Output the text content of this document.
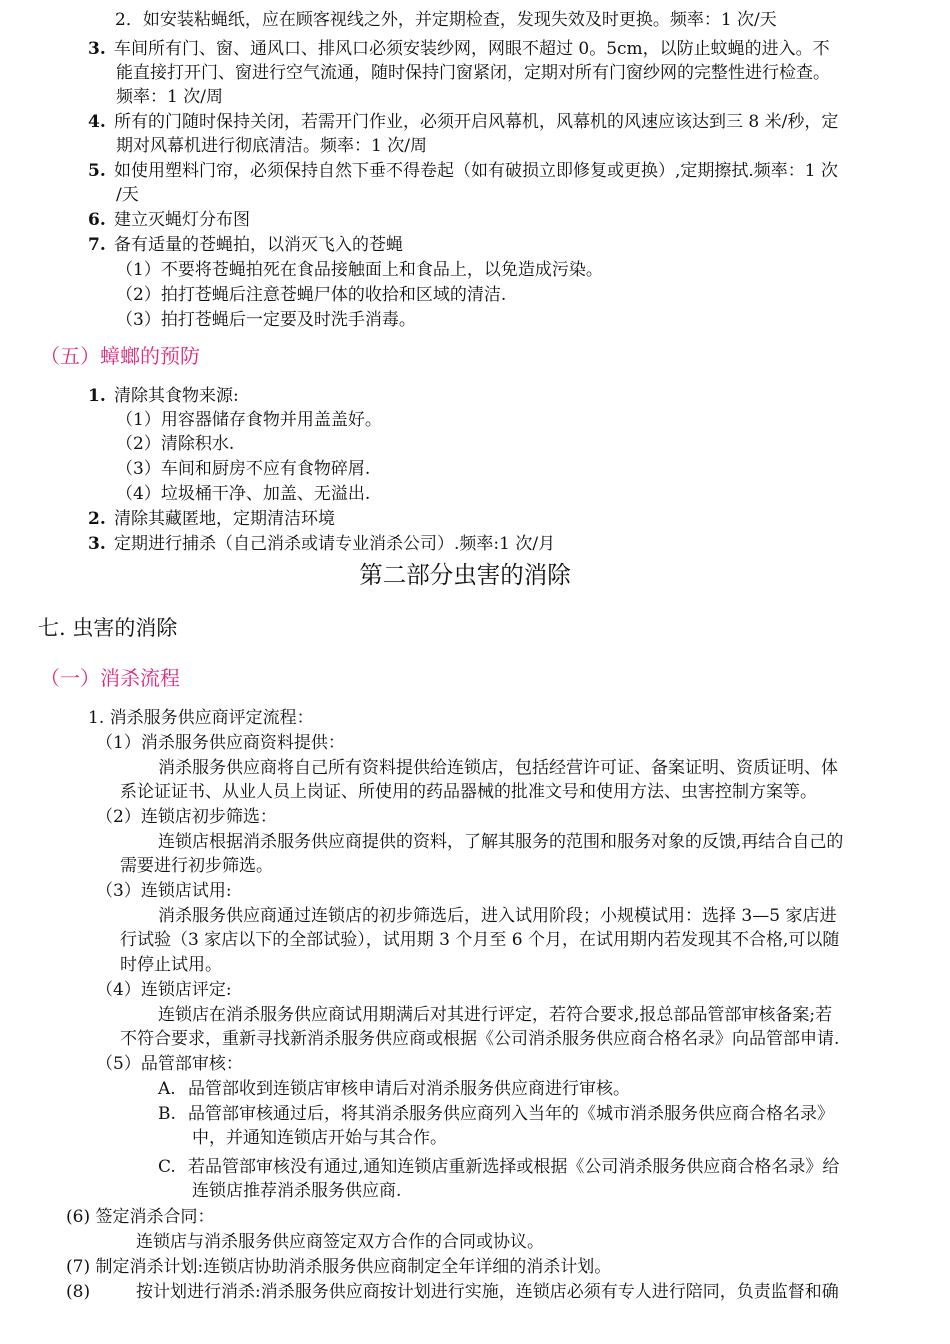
2．如安装粘蝇纸，应在顾客视线之外，并定期检查，发现失效及时更换。频率：1 次/天
3. 车间所有门、窗、通风口、排风口必须安装纱网，网眼不超过 0。5cm，以防止蚊蝇的进入。不
能直接打开门、窗进行空气流通，随时保持门窗紧闭，定期对所有门窗纱网的完整性进行检查。
频率：1 次/周
4. 所有的门随时保持关闭，若需开门作业，必须开启风幕机，风幕机的风速应该达到三 8 米/秒，定
期对风幕机进行彻底清洁。频率：1 次/周
5. 如使用塑料门帘，必须保持自然下垂不得卷起（如有破损立即修复或更换）,定期擦拭.频率：1 次
/天
6. 建立灭蝇灯分布图
7. 备有适量的苍蝇拍，以消灭飞入的苍蝇
（1）不要将苍蝇拍死在食品接触面上和食品上，以免造成污染。
（2）拍打苍蝇后注意苍蝇尸体的收拾和区域的清洁.
（3）拍打苍蝇后一定要及时洗手消毒。
（五）蟑螂的预防
1. 清除其食物来源:
（1）用容器储存食物并用盖盖好。
（2）清除积水.
（3）车间和厨房不应有食物碎屑.
（4）垃圾桶干净、加盖、无溢出.
2. 清除其藏匿地，定期清洁环境
3. 定期进行捕杀（自己消杀或请专业消杀公司）.频率:1 次/月
第二部分虫害的消除
七. 虫害的消除
（一）消杀流程
1. 消杀服务供应商评定流程：
（1）消杀服务供应商资料提供：
消杀服务供应商将自己所有资料提供给连锁店，包括经营许可证、备案证明、资质证明、体
系论证证书、从业人员上岗证、所使用的药品器械的批准文号和使用方法、虫害控制方案等。
（2）连锁店初步筛选：
连锁店根据消杀服务供应商提供的资料，了解其服务的范围和服务对象的反馈,再结合自己的
需要进行初步筛选。
（3）连锁店试用:
消杀服务供应商通过连锁店的初步筛选后，进入试用阶段；小规模试用：选择 3—5 家店进
行试验（3 家店以下的全部试验），试用期 3 个月至 6 个月，在试用期内若发现其不合格,可以随
时停止试用。
（4）连锁店评定:
连锁店在消杀服务供应商试用期满后对其进行评定，若符合要求,报总部品管部审核备案;若
不符合要求，重新寻找新消杀服务供应商或根据《公司消杀服务供应商合格名录》向品管部申请.
（5）品管部审核：
A. 品管部收到连锁店审核申请后对消杀服务供应商进行审核。
B. 品管部审核通过后，将其消杀服务供应商列入当年的《城市消杀服务供应商合格名录》
中，并通知连锁店开始与其合作。
C. 若品管部审核没有通过,通知连锁店重新选择或根据《公司消杀服务供应商合格名录》给
连锁店推荐消杀服务供应商.
(6) 签定消杀合同：
连锁店与消杀服务供应商签定双方合作的合同或协议。
(7) 制定消杀计划:连锁店协助消杀服务供应商制定全年详细的消杀计划。
(8)	按计划进行消杀:消杀服务供应商按计划进行实施，连锁店必须有专人进行陪同，负责监督和确
